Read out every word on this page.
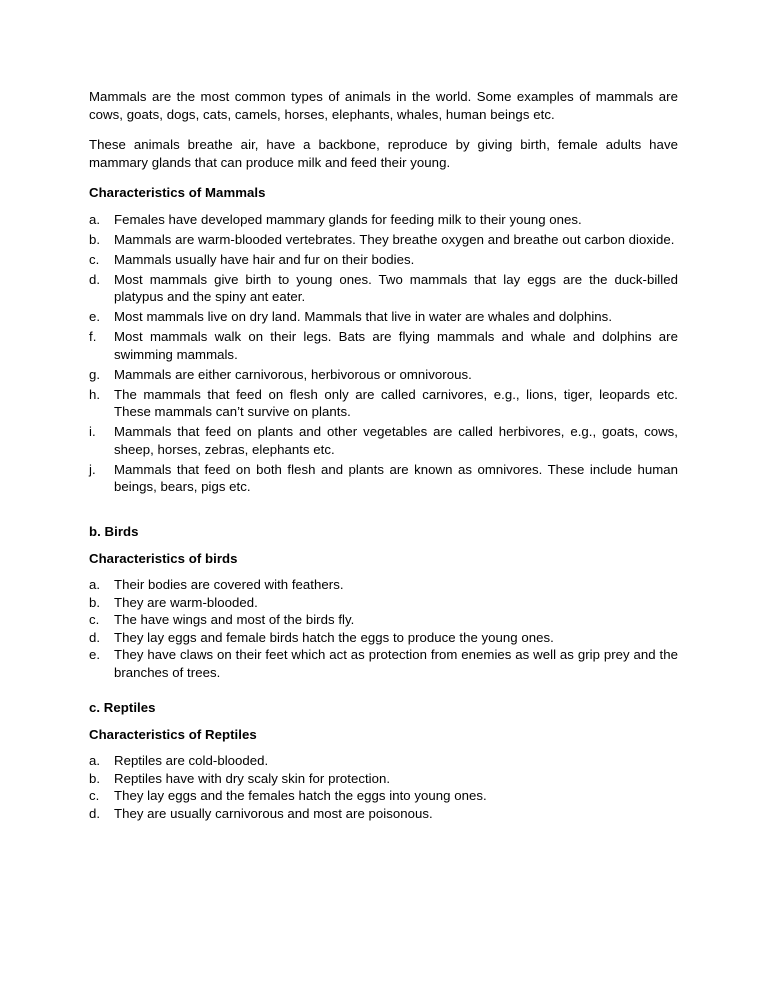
Mammals are the most common types of animals in the world. Some examples of mammals are cows, goats, dogs, cats, camels, horses, elephants, whales, human beings etc.

These animals breathe air, have a backbone, reproduce by giving birth, female adults have mammary glands that can produce milk and feed their young.

Characteristics of Mammals
a.	Females have developed mammary glands for feeding milk to their young ones.
b.	Mammals are warm-blooded vertebrates. They breathe oxygen and breathe out carbon dioxide.
c.	Mammals usually have hair and fur on their bodies.
d.	Most mammals give birth to young ones. Two mammals that lay eggs are the duck-billed platypus and the spiny ant eater.
e.	Most mammals live on dry land. Mammals that live in water are whales and dolphins.
f.	Most mammals walk on their legs. Bats are flying mammals and whale and dolphins are swimming mammals.
g.	Mammals are either carnivorous, herbivorous or omnivorous.
h.	The mammals that feed on flesh only are called carnivores, e.g., lions, tiger, leopards etc. These mammals can’t survive on plants.
i.	Mammals that feed on plants and other vegetables are called herbivores, e.g., goats, cows, sheep, horses, zebras, elephants etc.
j.	Mammals that feed on both flesh and plants are known as omnivores. These include human beings, bears, pigs etc.
b. Birds
Characteristics of birds
a.	Their bodies are covered with feathers.
b.	They are warm-blooded.
c.	The have wings and most of the birds fly.
d.	They lay eggs and female birds hatch the eggs to produce the young ones.
e.	They have claws on their feet which act as protection from enemies as well as grip prey and the branches of trees.
c. Reptiles
Characteristics of Reptiles
a.	Reptiles are cold-blooded.
b.	Reptiles have with dry scaly skin for protection.
c.	They lay eggs and the females hatch the eggs into young ones.
d.	They are usually carnivorous and most are poisonous.
